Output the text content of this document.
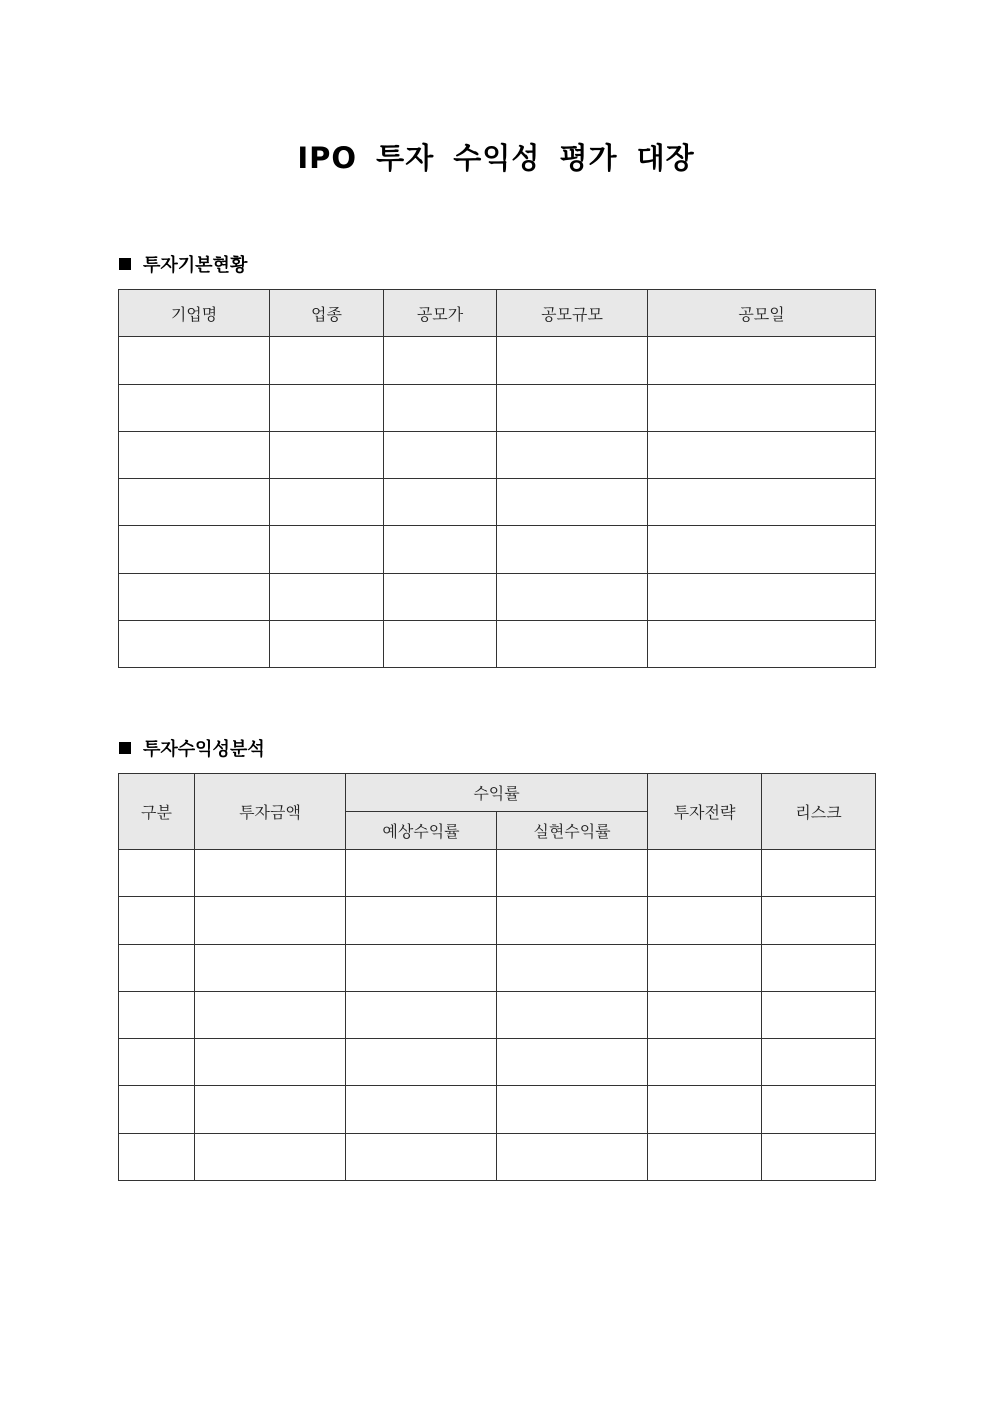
IPO 투자 수익성 평가 대장
투자기본현황
기업명	업종	공모가	공모규모	공모일

투자수익성분석
구분	투자금액	수익률		투자전략	리스크
		예상수익률	실현수익률		
